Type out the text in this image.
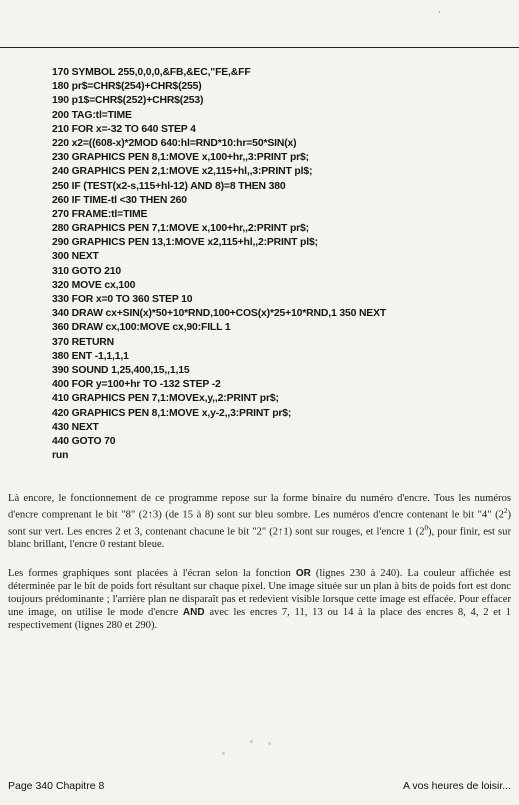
·
170 SYMBOL 255,0,0,0,&FB,&EC,"FE,&FF
180 pr$=CHR$(254)+CHR$(255)
190 p1$=CHR$(252)+CHR$(253)
200 TAG:tl=TIME
210 FOR x=-32 TO 640 STEP 4
220 x2=((608-x)*2MOD 640:hl=RND*10:hr=50*SIN(x)
230 GRAPHICS PEN 8,1:MOVE x,100+hr,,3:PRINT pr$;
240 GRAPHICS PEN 2,1:MOVE x2,115+hl,,3:PRINT pl$;
250 IF (TEST(x2-s,115+hl-12) AND 8)=8 THEN 380
260 IF TIME-tl <30 THEN 260
270 FRAME:tl=TIME
280 GRAPHICS PEN 7,1:MOVE x,100+hr,,2:PRINT pr$;
290 GRAPHICS PEN 13,1:MOVE x2,115+hl,,2:PRINT pl$;
300 NEXT
310 GOTO 210
320 MOVE cx,100
330 FOR x=0 TO 360 STEP 10
340 DRAW cx+SIN(x)*50+10*RND,100+COS(x)*25+10*RND,1 350 NEXT
360 DRAW cx,100:MOVE cx,90:FILL 1
370 RETURN
380 ENT -1,1,1,1
390 SOUND 1,25,400,15,,1,15
400 FOR y=100+hr TO -132 STEP -2
410 GRAPHICS PEN 7,1:MOVEx,y,,2:PRINT pr$;
420 GRAPHICS PEN 8,1:MOVE x,y-2,,3:PRINT pr$;
430 NEXT
440 GOTO 70
run
Là encore, le fonctionnement de ce programme repose sur la forme binaire du numéro d'encre. Tous les numéros d'encre comprenant le bit "8" (2↑3) (de 15 à 8) sont sur bleu sombre. Les numéros d'encre contenant le bit "4" $(2^2)$ sont sur vert. Les encres 2 et 3, contenant chacune le bit "2" (2↑1) sont sur rouges, et l'encre 1 $(2^0)$, pour finir, est sur blanc brillant, l'encre 0 restant bleue.
Les formes graphiques sont placées à l'écran selon la fonction OR (lignes 230 à 240). La couleur affichée est déterminée par le bit de poids fort résultant sur chaque pixel. Une image située sur un plan à bits de poids fort est donc toujours prédominante ; l'arrière plan ne disparaît pas et redevient visible lorsque cette image est effacée. Pour effacer une image, on utilise le mode d'encre AND avec les encres 7, 11, 13 ou 14 à la place des encres 8, 4, 2 et 1 respectivement (lignes 280 et 290).
Page 340 Chapitre 8	A vos heures de loisir...
